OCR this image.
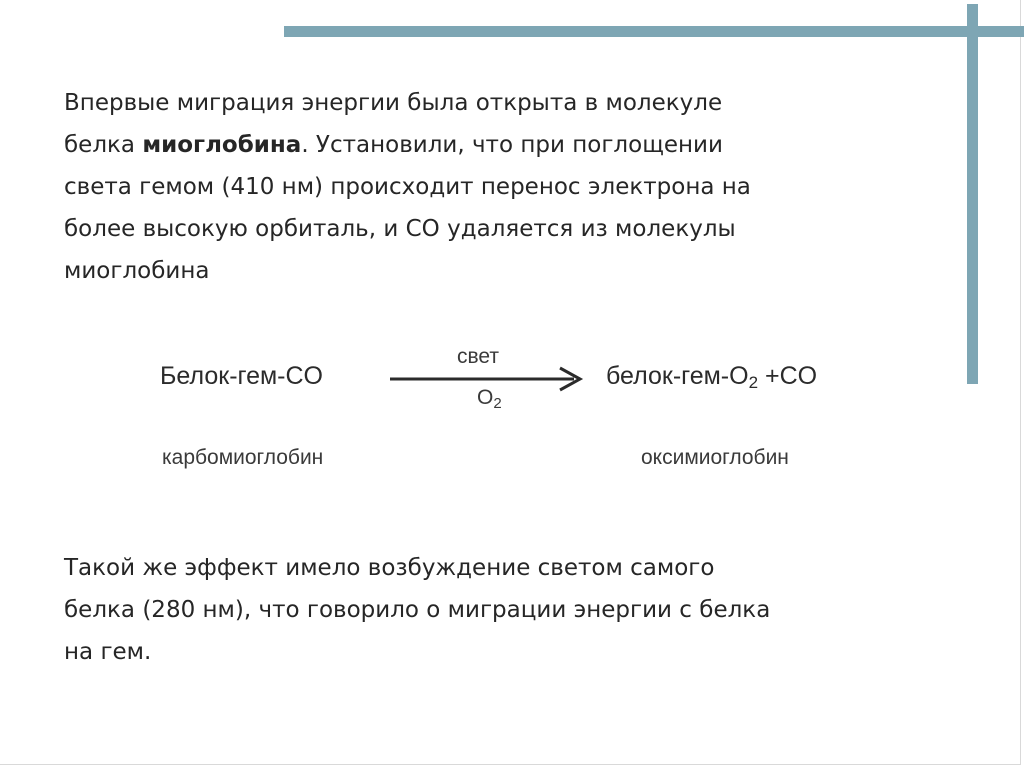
Впервые миграция энергии была открыта в молекуле
белка миоглобина. Установили, что при поглощении
света гемом (410 нм) происходит перенос электрона на
более высокую орбиталь, и CO удаляется из молекулы
миоглобина

Белок-гем-CO
свет
$O_2$
белок-$гем-O_2 +CO$
карбомиоглобин	оксимиоглобин

Такой же эффект имело возбуждение светом самого
белка (280 нм), что говорило о миграции энергии с белка
на гем.
